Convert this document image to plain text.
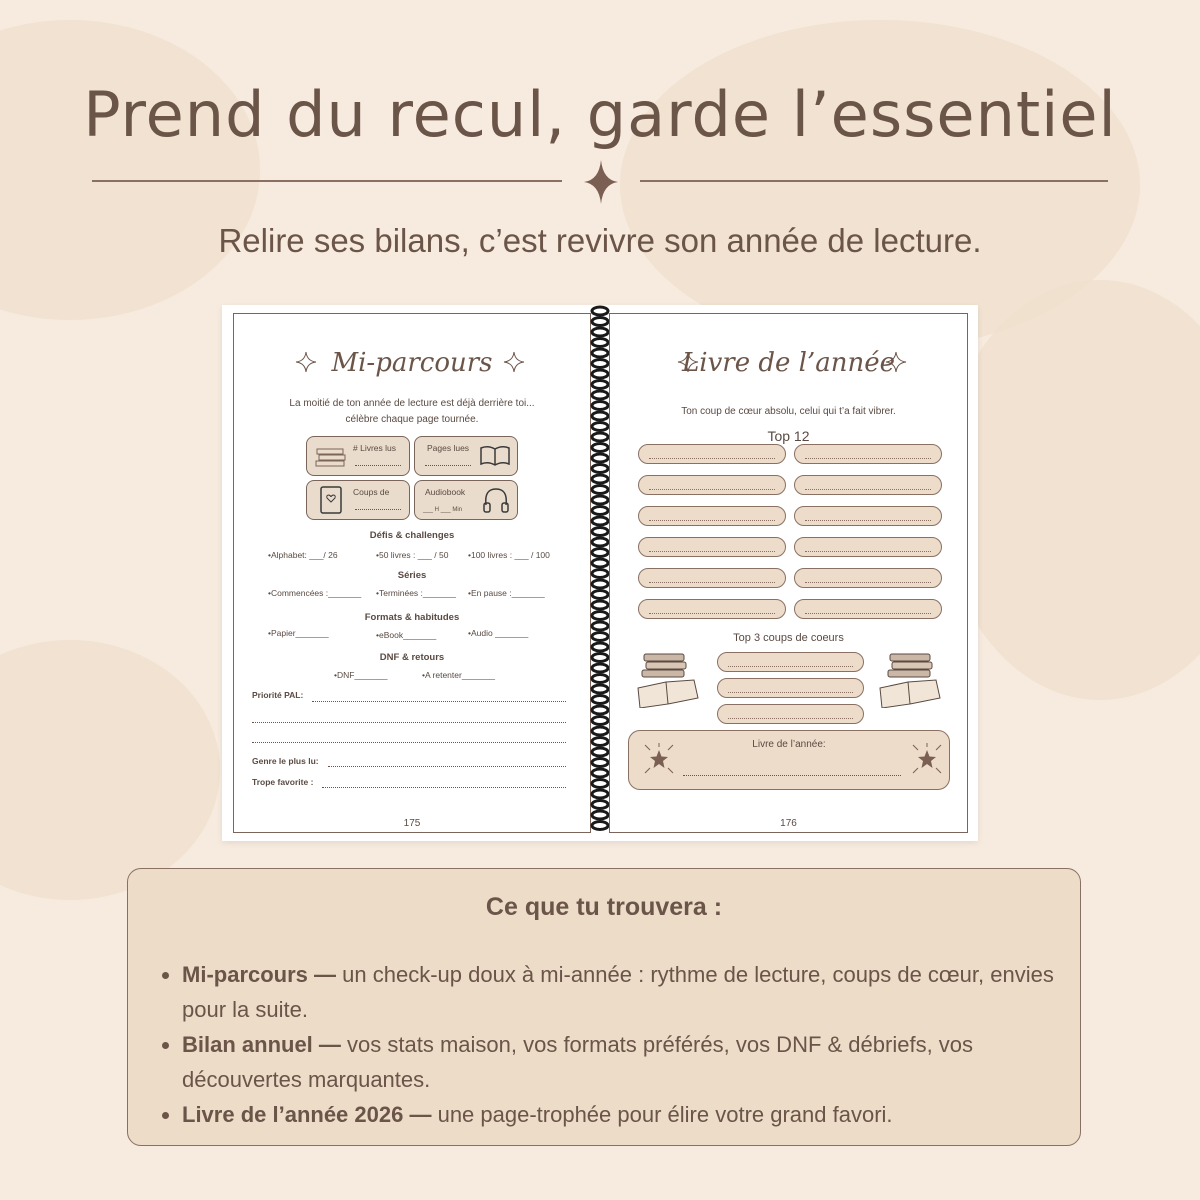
Prend du recul, garde l’essentiel
Relire ses bilans, c’est revivre son année de lecture.
Mi-parcours
La moitié de ton année de lecture est déjà derrière toi...
célèbre chaque page tournée.
# Livres lus	Pages lues
Coups de	Audiobook
___ H ___ Min
Défis & challenges
•Alphabet: ___/ 26	•50 livres : ___ / 50 •100 livres : ___ / 100
Séries
•Commencées :_______ •Terminées :_______ •En pause :_______
Formats & habitudes
•Papier_______	•eBook_______	•Audio _______
DNF & retours
•DNF_______	•A retenter_______
Priorité PAL:
Genre le plus lu:
Trope favorite :
175
Livre de l’année
Ton coup de cœur absolu, celui qui t’a fait vibrer.
Top 12
Top 3 coups de coeurs
Livre de l’année:
176
Ce que tu trouvera :
• Mi-parcours — un check-up doux à mi-année : rythme de lecture, coups de cœur, envies pour la suite.
• Bilan annuel — vos stats maison, vos formats préférés, vos DNF & débriefs, vos découvertes marquantes.
• Livre de l’année 2026 — une page-trophée pour élire votre grand favori.
